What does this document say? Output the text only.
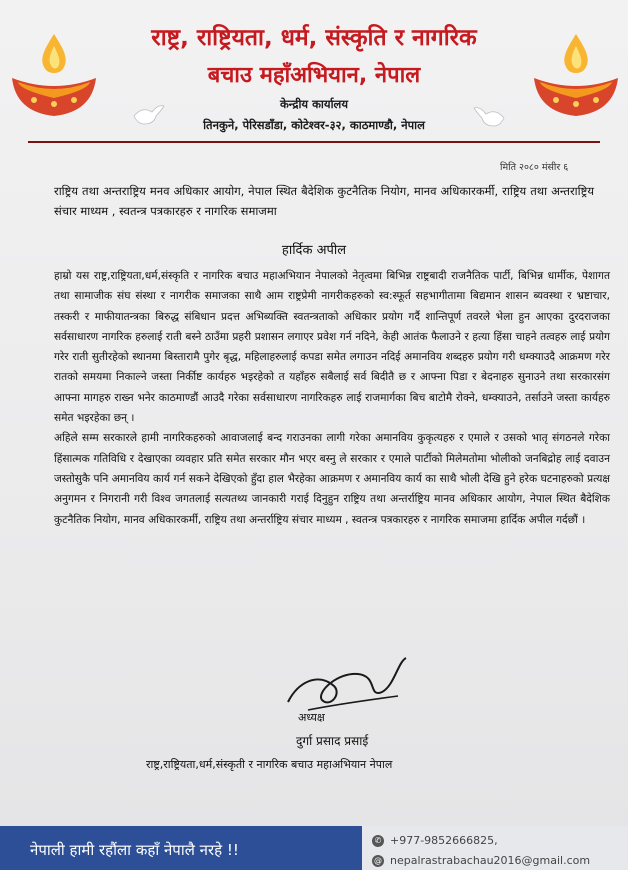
राष्ट्र, राष्ट्रियता, धर्म, संस्कृति र नागरिक
बचाउ महाँअभियान, नेपाल
केन्द्रीय कार्यालय
तिनकुने, पेरिसडाँडा, कोटेश्वर-३२, काठमाण्डौ, नेपाल
मिति २०८० मंसीर ६
राष्ट्रिय तथा अन्तराष्ट्रिय मनव अधिकार आयोग, नेपाल स्थित बैदेशिक कुटनैतिक नियोग, मानव अधिकारकर्मी, राष्ट्रिय तथा अन्तराष्ट्रिय संचार माध्यम , स्वतन्त्र पत्रकारहरु र नागरिक समाजमा
हार्दिक अपील

हाम्रो यस राष्ट्र,राष्ट्रियता,धर्म,संस्कृति र नागरिक बचाउ महाअभियान नेपालको नेतृत्वमा बिभिन्न राष्ट्रबादी राजनैतिक पार्टी, बिभिन्न धार्मीक, पेशागत तथा सामाजीक संघ संस्था र नागरीक समाजका साथै आम राष्ट्रप्रेमी नागरीकहरुको स्व:स्फूर्त सहभागीतामा बिद्यमान शासन ब्यवस्था र भ्रष्टाचार, तस्करी र माफीयातन्त्रका बिरुद्ध संबिधान प्रदत्त अभिब्यक्ति स्वतन्त्रताको अधिकार प्रयोग गर्दै शान्तिपूर्ण तवरले भेला हुन आएका दुरदराजका सर्वसाधारण नागरिक हरुलाई राती बस्ने ठाउँमा प्रहरी प्रशासन लगाएर प्रवेश गर्न नदिने, केही आतंक फैलाउने र हत्या हिंसा चाहने तत्वहरु लाई प्रयोग गरेर राती सुतीरहेको स्थानमा बिस्तारामै पुगेर बृद्ध, महिलाहरुलाई कपडा समेत लगाउन नदिई अमानविय शब्दहरु प्रयोग गरी धम्क्याउदै आक्रमण गरेर रातको समयमा निकाल्ने जस्ता निर्कीष्ट कार्यहरु भइरहेको त यहाँहरु सबैलाई सर्व बिदीतै छ र आफ्ना पिडा र बेदनाहरु सुनाउने तथा सरकारसंग आफ्ना मागहरु राख्न भनेर काठमाण्डौं आउदै गरेका सर्वसाधारण नागरिकहरु लाई राजमार्गका बिच बाटोमै रोक्ने, धम्क्याउने, तर्साउने जस्ता कार्यहरु समेत भइरहेका छन् ।

अहिले सम्म सरकारले हामी नागरिकहरुको आवाजलाई बन्द गराउनका लागी गरेका अमानविय कुकृत्यहरु र एमाले र उसको भातृ संगठनले गरेका हिंसात्मक गतिविधि र देखाएका व्यवहार प्रति समेत सरकार मौन भएर बस्नु ले सरकार र एमाले पार्टीको मिलेमतोमा भोलीको जनबिद्रोह लाई दवाउन जस्तोसुकै पनि अमानविय कार्य गर्न सकने देखिएको हुँदा हाल भैरहेका आक्रमण र अमानविय कार्य का साथै भोली देखि हुने हरेक घटनाहरुको प्रत्यक्ष अनुगमन र निगरानी गरी विश्व जगतलाई सत्यतथ्य जानकारी गराई दिनुहुन राष्ट्रिय तथा अन्तर्राष्ट्रिय मानव अधिकार आयोग, नेपाल स्थित बैदेशिक कुटनैतिक नियोग, मानव अधिकारकर्मी, राष्ट्रिय तथा अन्तर्राष्ट्रिय संचार माध्यम , स्वतन्त्र पत्रकारहरु र नागरिक समाजमा हार्दिक अपील गर्दछौं ।

अध्यक्ष
दुर्गा प्रसाद प्रसाई
राष्ट्र,राष्ट्रियता,धर्म,संस्कृती र नागरिक बचाउ महाअभियान नेपाल
नेपाली हामी रहौंला कहाँ नेपालै नरहे !!
✆ +977-9852666825,
@ nepalrastrabachau2016@gmail.com
